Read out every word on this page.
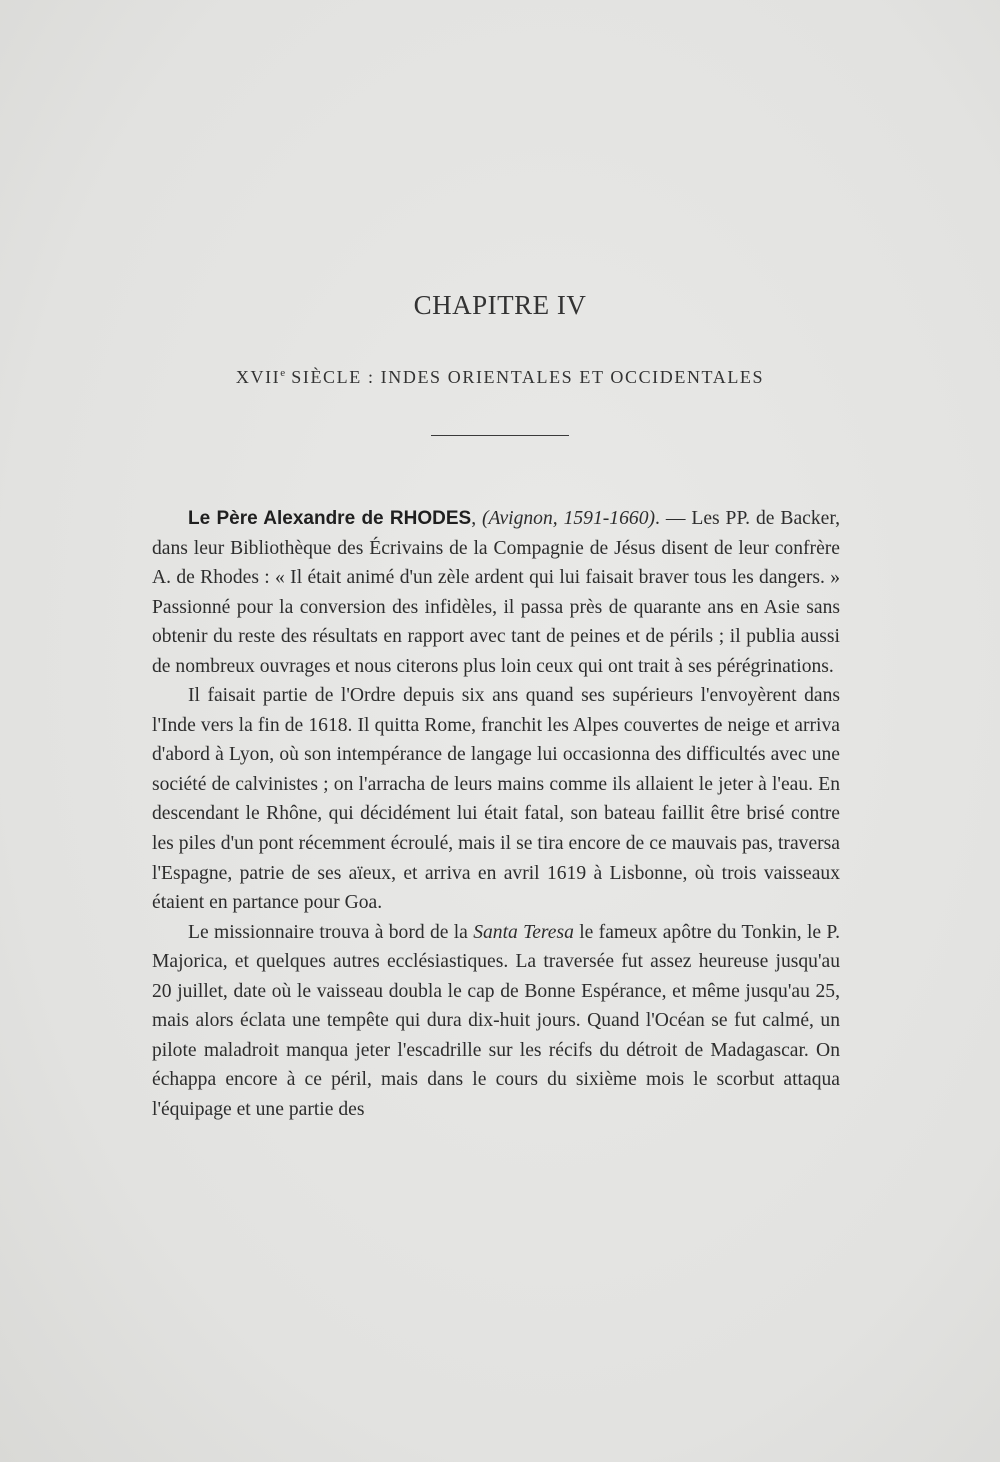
CHAPITRE IV
XVIIe SIÈCLE : INDES ORIENTALES ET OCCIDENTALES

Le Père Alexandre de RHODES, (Avignon, 1591-1660). — Les PP. de Backer, dans leur Bibliothèque des Écrivains de la Compagnie de Jésus disent de leur confrère A. de Rhodes : « Il était animé d'un zèle ardent qui lui faisait braver tous les dangers. » Passionné pour la conversion des infidèles, il passa près de quarante ans en Asie sans obtenir du reste des résultats en rapport avec tant de peines et de périls ; il publia aussi de nombreux ouvrages et nous citerons plus loin ceux qui ont trait à ses pérégrinations.

Il faisait partie de l'Ordre depuis six ans quand ses supérieurs l'envoyèrent dans l'Inde vers la fin de 1618. Il quitta Rome, franchit les Alpes couvertes de neige et arriva d'abord à Lyon, où son intempérance de langage lui occasionna des difficultés avec une société de calvinistes ; on l'arracha de leurs mains comme ils allaient le jeter à l'eau. En descendant le Rhône, qui décidément lui était fatal, son bateau faillit être brisé contre les piles d'un pont récemment écroulé, mais il se tira encore de ce mauvais pas, traversa l'Espagne, patrie de ses aïeux, et arriva en avril 1619 à Lisbonne, où trois vaisseaux étaient en partance pour Goa.

Le missionnaire trouva à bord de la Santa Teresa le fameux apôtre du Tonkin, le P. Majorica, et quelques autres ecclésiastiques. La traversée fut assez heureuse jusqu'au 20 juillet, date où le vaisseau doubla le cap de Bonne Espérance, et même jusqu'au 25, mais alors éclata une tempête qui dura dix-huit jours. Quand l'Océan se fut calmé, un pilote maladroit manqua jeter l'escadrille sur les récifs du détroit de Madagascar. On échappa encore à ce péril, mais dans le cours du sixième mois le scorbut attaqua l'équipage et une partie des
